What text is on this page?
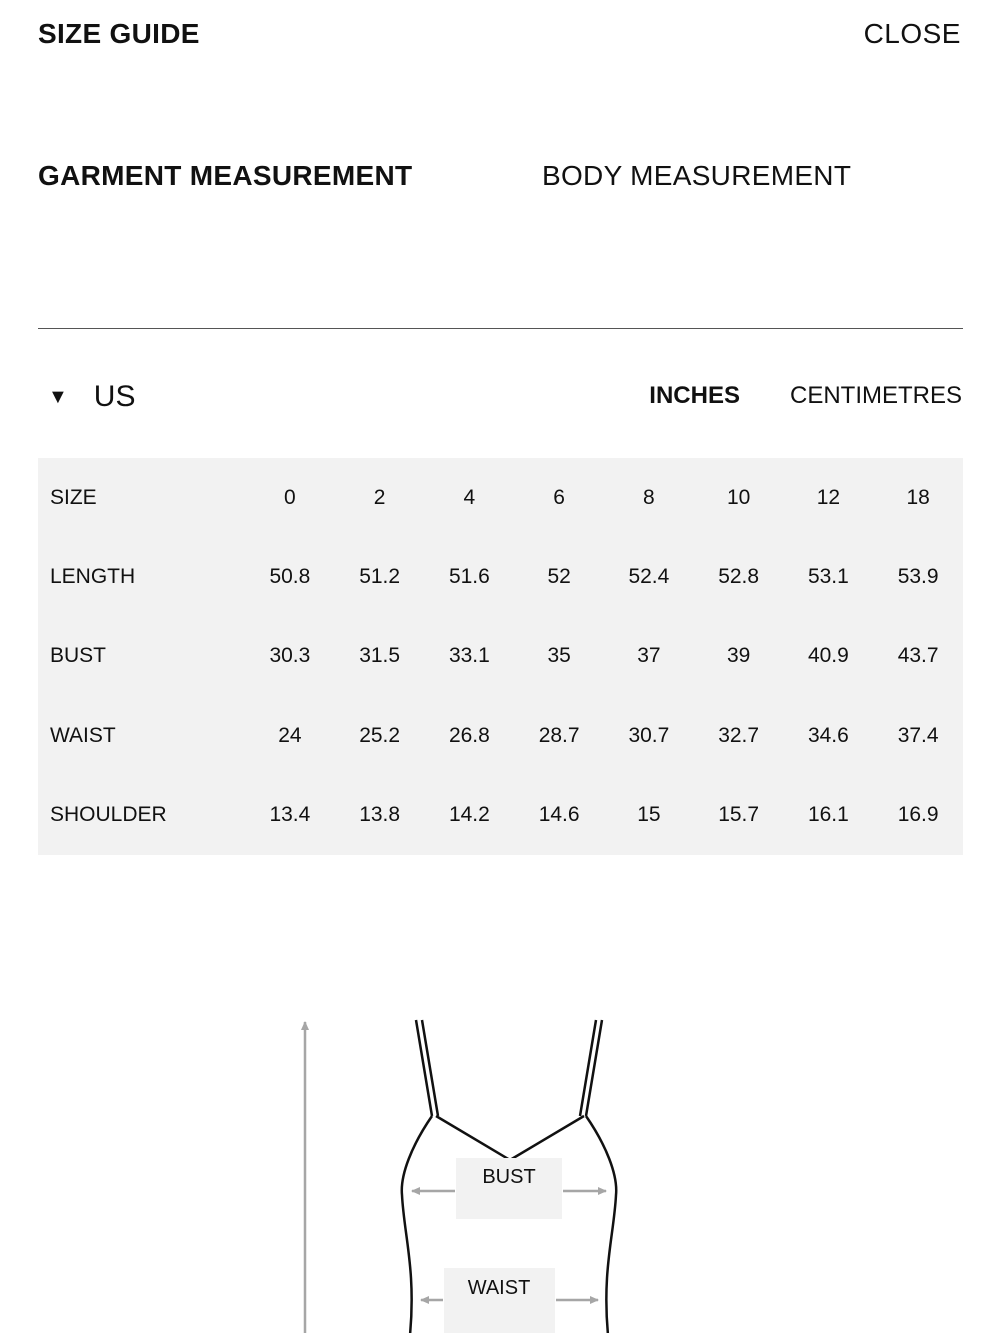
SIZE GUIDE	CLOSE
GARMENT MEASUREMENT	BODY MEASUREMENT
▼ US	INCHES CENTIMETRES
SIZE	0	2	4	6	8	10	12	18
LENGTH	50.8	51.2	51.6	52	52.4	52.8	53.1	53.9
BUST	30.3	31.5	33.1	35	37	39	40.9	43.7
WAIST	24	25.2	26.8	28.7	30.7	32.7	34.6	37.4
SHOULDER	13.4	13.8	14.2	14.6	15	15.7	16.1	16.9
BUST
WAIST
